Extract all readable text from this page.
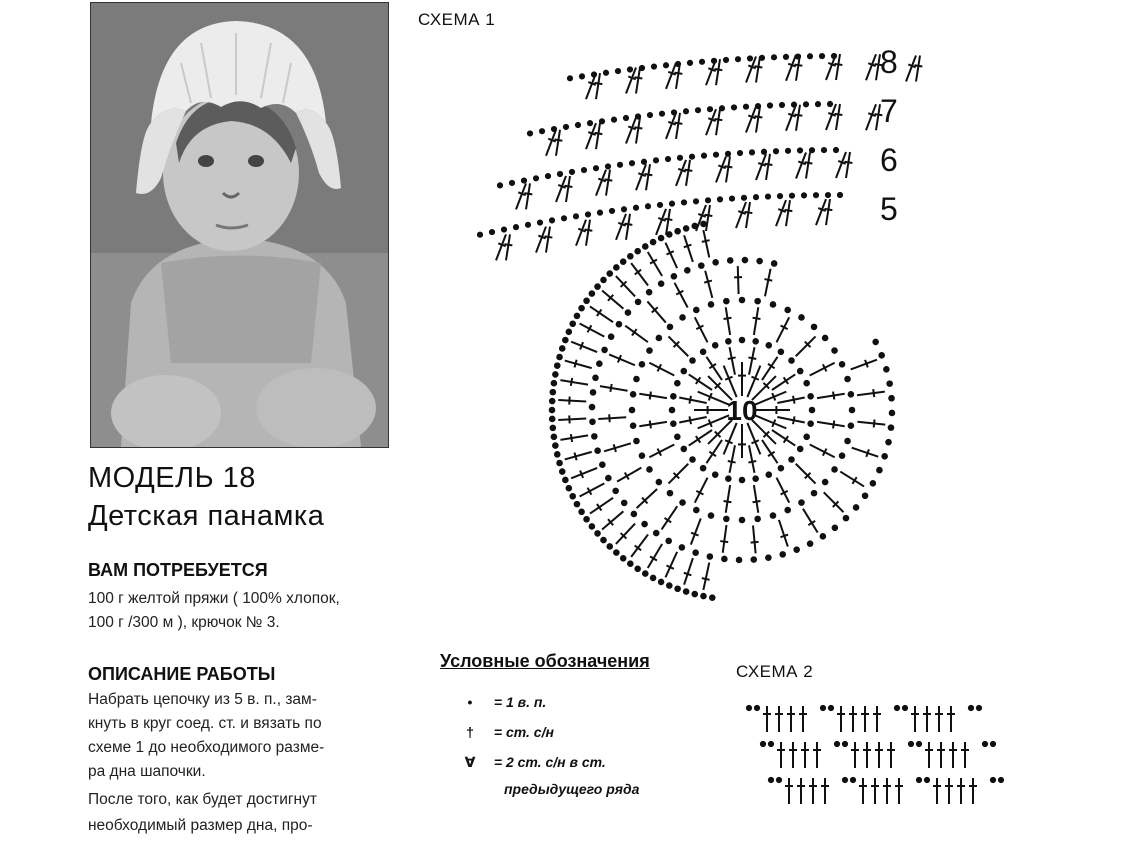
МОДЕЛЬ 18
Детская панамка
ВАМ ПОТРЕБУЕТСЯ
100 г желтой пряжи ( 100% хлопок,
100 г /300 м ), крючок № 3.
ОПИСАНИЕ РАБОТЫ
Набрать цепочку из 5 в. п., зам-
кнуть в круг соед. ст. и вязать по
схеме 1 до необходимого разме-
ра дна шапочки.
После того, как будет достигнут
необходимый размер дна, про-
СХЕМА 1
10
8
7
6
5
Условные обозначения
• = 1 в. п.
† = ст. с/н
∀ = 2 ст. с/н в ст.
предыдущего ряда
СХЕМА 2
